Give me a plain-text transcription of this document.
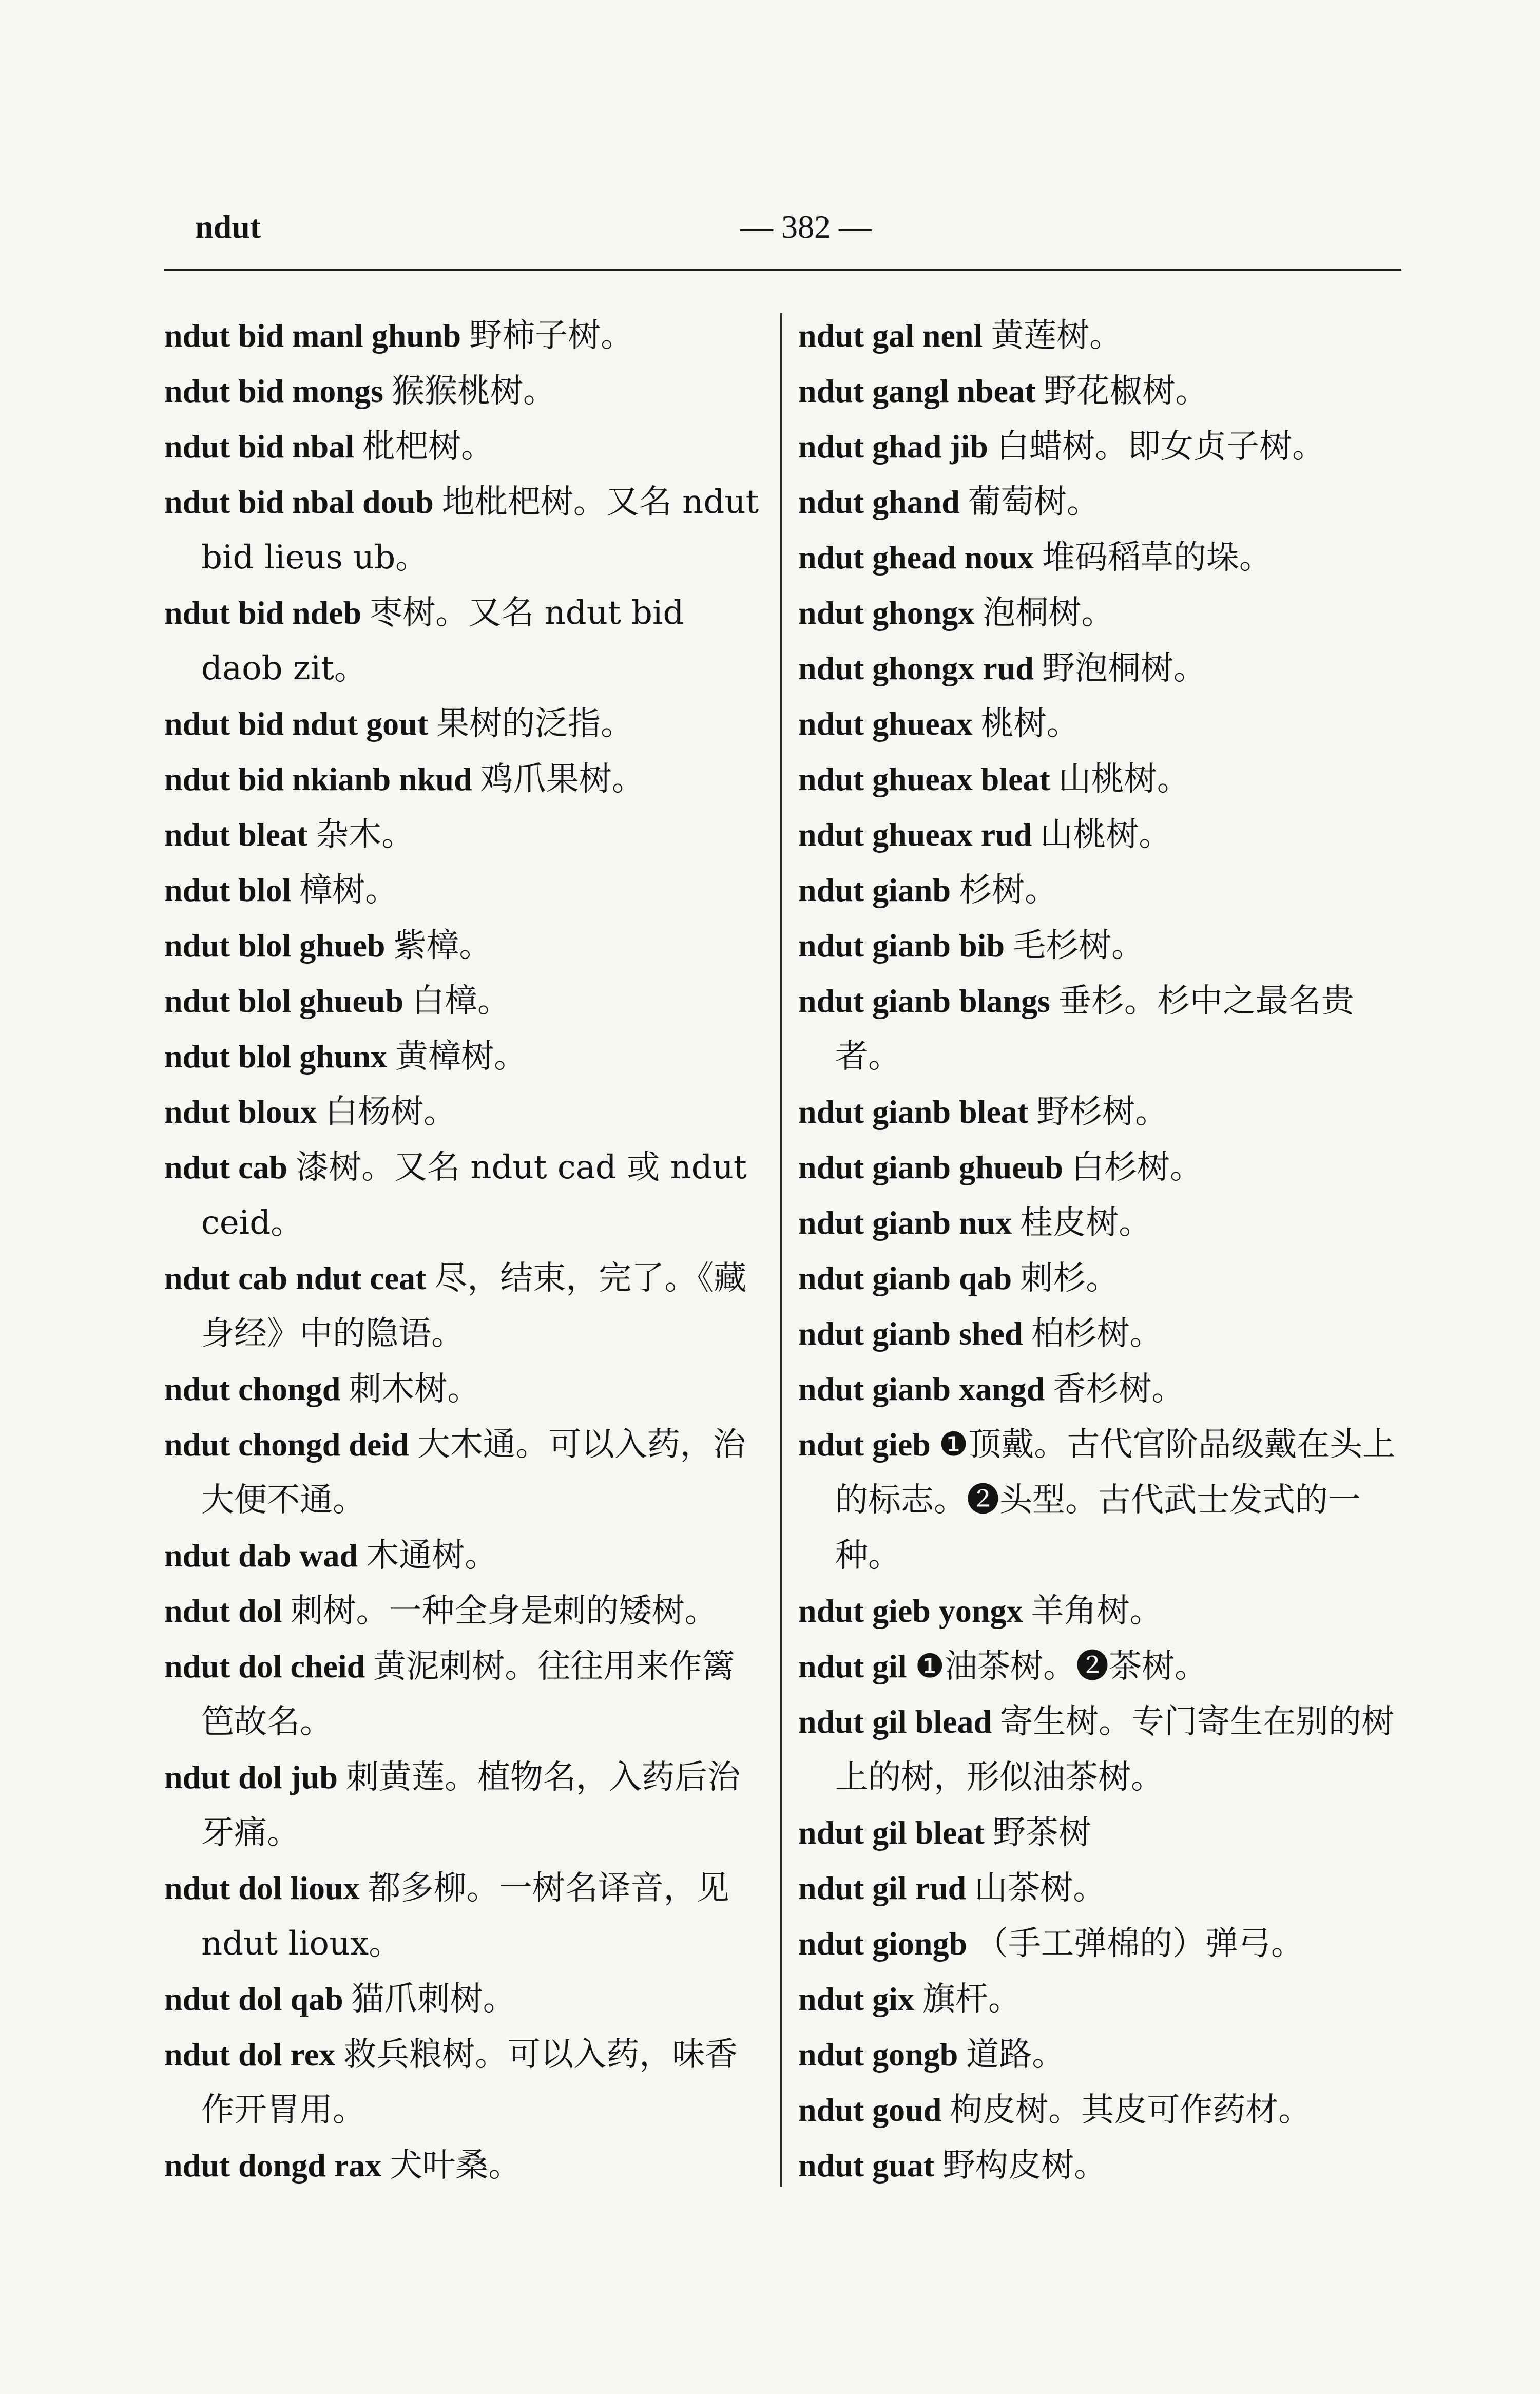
ndut	— 382 —

ndut bid manl ghunb 野柿子树。

ndut bid mongs 猴猴桃树。

ndut bid nbal 枇杷树。

ndut bid nbal doub 地枇杷树。又名 ndut bid lieus ub。

ndut bid ndeb 枣树。又名 ndut bid daob zit。

ndut bid ndut gout 果树的泛指。

ndut bid nkianb nkud 鸡爪果树。

ndut bleat 杂木。

ndut blol 樟树。

ndut blol ghueb 紫樟。

ndut blol ghueub 白樟。

ndut blol ghunx 黄樟树。

ndut bloux 白杨树。

ndut cab 漆树。又名 ndut cad 或 ndut ceid。

ndut cab ndut ceat 尽，结束，完了。《藏身经》中的隐语。

ndut chongd 刺木树。

ndut chongd deid 大木通。可以入药，治大便不通。

ndut dab wad 木通树。

ndut dol 刺树。一种全身是刺的矮树。

ndut dol cheid 黄泥刺树。往往用来作篱笆故名。

ndut dol jub 刺黄莲。植物名，入药后治牙痛。

ndut dol lioux 都多柳。一树名译音，见 ndut lioux。

ndut dol qab 猫爪刺树。

ndut dol rex 救兵粮树。可以入药，味香作开胃用。

ndut dongd rax 犬叶桑。

ndut gal nenl 黄莲树。

ndut gangl nbeat 野花椒树。

ndut ghad jib 白蜡树。即女贞子树。

ndut ghand 葡萄树。

ndut ghead noux 堆码稻草的垛。

ndut ghongx 泡桐树。

ndut ghongx rud 野泡桐树。

ndut ghueax 桃树。

ndut ghueax bleat 山桃树。

ndut ghueax rud 山桃树。

ndut gianb 杉树。

ndut gianb bib 毛杉树。

ndut gianb blangs 垂杉。杉中之最名贵者。

ndut gianb bleat 野杉树。

ndut gianb ghueub 白杉树。

ndut gianb nux 桂皮树。

ndut gianb qab 刺杉。

ndut gianb shed 柏杉树。

ndut gianb xangd 香杉树。

ndut gieb ❶顶戴。古代官阶品级戴在头上的标志。❷头型。古代武士发式的一种。

ndut gieb yongx 羊角树。

ndut gil ❶油茶树。❷茶树。

ndut gil blead 寄生树。专门寄生在别的树上的树，形似油茶树。

ndut gil bleat 野茶树

ndut gil rud 山茶树。

ndut giongb （手工弹棉的）弹弓。

ndut gix 旗杆。

ndut gongb 道路。

ndut goud 枸皮树。其皮可作药材。

ndut guat 野构皮树。
